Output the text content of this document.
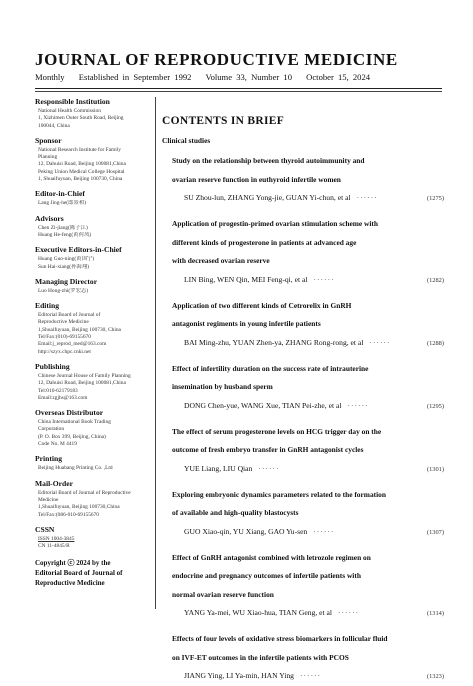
JOURNAL OF REPRODUCTIVE MEDICINE
Monthly Established in September 1992 Volume 33, Number 10 October 15, 2024
Responsible Institution
National Health Commission
1, Xizhimen Outer South Road, Beijing
100044, China
Sponsor
National Research Institute for Family
Planning
12, Dahuisi Road, Beijing 100081,China
Peking Union Medical College Hospital
1, Shuaifuyuan, Beijing 100730, China
Editor-in-Chief
Lang Jing-he(郎景和)
Advisors
Chen Zi-jiang(陈子江)
Huang He-feng(黄荷凤)
Executive Editors-in-Chief
Huang Guo-ning(黄国宁)
Sun Hai-xiang(孙海翔)
Managing Director
Luo Hong-zhi(罗宏志)
Editing
Editorial Board of Journal of
Reproductive Medicine
1,Shuaifuyuan, Beijing 100730, China
Tel/Fax:(010)-69155670
Email:j_reprod_med@163.com
http://szyx.chpc.cnki.net
Publishing
Chinese Journal House of Family Planning
12, Dahuisi Road, Beijing 100081,China
Tel:010-62179183
Email:zgjhs@163.com
Overseas Distributor
China International Book Trading
Corporation
(P. O. Box 399, Beijing, China)
Code No. M 4419
Printing
Beijing Huabang Printing Co. ,Ltd
Mail-Order
Editorial Board of Journal of Reproductive
Medicine
1,Shuaifuyuan, Beijing 100730,China
Tel/Fax:(086-010-69155670
CSSN
ISSN 1004-3845
CN 11-4845/R
Copyright ⓒ 2024 by the
Editorial Board of Journal of
Reproductive Medicine
CONTENTS IN BRIEF
Clinical studies
Study on the relationship between thyroid autoimmunity and
ovarian reserve function in euthyroid infertile women
SU Zhou-lun, ZHANG Yong-jie, GUAN Yi-chun, et al ······	(1275)
Application of progestin-primed ovarian stimulation scheme with
different kinds of progesterone in patients at advanced age
with decreased ovarian reserve
LIN Bing, WEN Qin, MEI Feng-qi, et al ······	(1282)
Application of two different kinds of Cetrorelix in GnRH
antagonist regiments in young infertile patients
BAI Ming-zhu, YUAN Zhen-ya, ZHANG Rong-rong, et al ······	(1288)
Effect of infertility duration on the success rate of intrauterine
insemination by husband sperm
DONG Chen-yue, WANG Xue, TIAN Pei-zhe, et al ······	(1295)
The effect of serum progesterone levels on HCG trigger day on the
outcome of fresh embryo transfer in GnRH antagonist cycles
YUE Liang, LIU Qian ······	(1301)
Exploring embryonic dynamics parameters related to the formation
of available and high-quality blastocysts
GUO Xiao-qin, YU Xiang, GAO Yu-sen ······	(1307)
Effect of GnRH antagonist combined with letrozole regimen on
endocrine and pregnancy outcomes of infertile patients with
normal ovarian reserve function
YANG Ya-mei, WU Xiao-hua, TIAN Geng, et al ······	(1314)
Effects of four levels of oxidative stress biomarkers in follicular fluid
on IVF-ET outcomes in the infertile patients with PCOS
JIANG Ying, LI Ya-min, HAN Ying ······	(1323)
